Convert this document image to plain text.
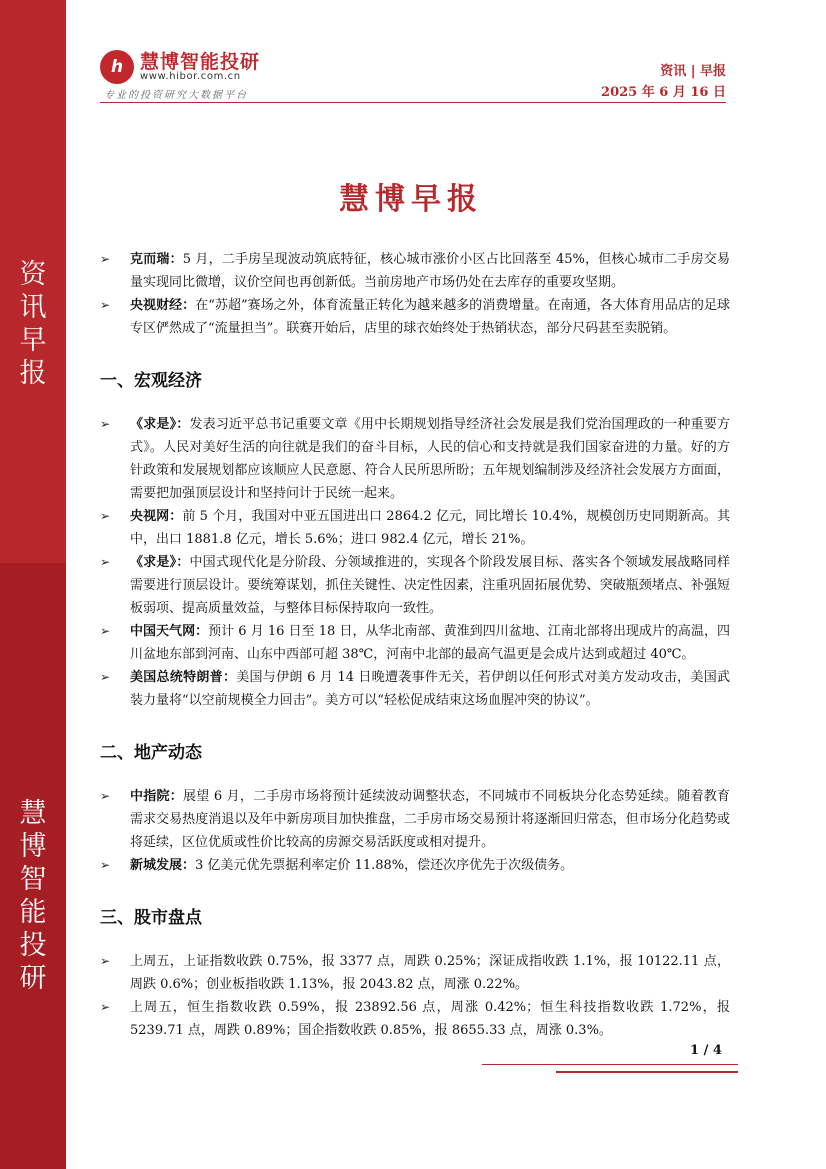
资
讯
早
报
慧
博
智
能
投
研
h 慧博智能投研
www.hibor.com.cn
专业的投资研究大数据平台
资讯 | 早报
2025 年 6 月 16 日
慧博早报
➢ 克而瑞：5 月，二手房呈现波动筑底特征，核心城市涨价小区占比回落至 45%，但核心城市二手房交易量实现同比微增，议价空间也再创新低。当前房地产市场仍处在去库存的重要攻坚期。
➢ 央视财经：在“苏超”赛场之外，体育流量正转化为越来越多的消费增量。在南通，各大体育用品店的足球专区俨然成了“流量担当”。联赛开始后，店里的球衣始终处于热销状态，部分尺码甚至卖脱销。
一、宏观经济
➢ 《求是》：发表习近平总书记重要文章《用中长期规划指导经济社会发展是我们党治国理政的一种重要方式》。人民对美好生活的向往就是我们的奋斗目标，人民的信心和支持就是我们国家奋进的力量。好的方针政策和发展规划都应该顺应人民意愿、符合人民所思所盼；五年规划编制涉及经济社会发展方方面面，需要把加强顶层设计和坚持问计于民统一起来。
➢ 央视网：前 5 个月，我国对中亚五国进出口 2864.2 亿元，同比增长 10.4%，规模创历史同期新高。其中，出口 1881.8 亿元，增长 5.6%；进口 982.4 亿元，增长 21%。
➢ 《求是》：中国式现代化是分阶段、分领域推进的，实现各个阶段发展目标、落实各个领域发展战略同样需要进行顶层设计。要统筹谋划，抓住关键性、决定性因素，注重巩固拓展优势、突破瓶颈堵点、补强短板弱项、提高质量效益，与整体目标保持取向一致性。
➢ 中国天气网：预计 6 月 16 日至 18 日，从华北南部、黄淮到四川盆地、江南北部将出现成片的高温，四川盆地东部到河南、山东中西部可超 38℃，河南中北部的最高气温更是会成片达到或超过 40℃。
➢ 美国总统特朗普：美国与伊朗 6 月 14 日晚遭袭事件无关，若伊朗以任何形式对美方发动攻击，美国武装力量将“以空前规模全力回击”。美方可以“轻松促成结束这场血腥冲突的协议”。
二、地产动态
➢ 中指院：展望 6 月，二手房市场将预计延续波动调整状态，不同城市不同板块分化态势延续。随着教育需求交易热度消退以及年中新房项目加快推盘，二手房市场交易预计将逐渐回归常态，但市场分化趋势或将延续，区位优质或性价比较高的房源交易活跃度或相对提升。
➢ 新城发展：3 亿美元优先票据利率定价 11.88%，偿还次序优先于次级债务。
三、股市盘点
➢ 上周五，上证指数收跌 0.75%，报 3377 点，周跌 0.25%；深证成指收跌 1.1%，报 10122.11 点，周跌 0.6%；创业板指收跌 1.13%，报 2043.82 点，周涨 0.22%。
➢ 上周五，恒生指数收跌 0.59%，报 23892.56 点，周涨 0.42%；恒生科技指数收跌 1.72%，报 5239.71 点，周跌 0.89%；国企指数收跌 0.85%，报 8655.33 点，周涨 0.3%。
1 / 4
